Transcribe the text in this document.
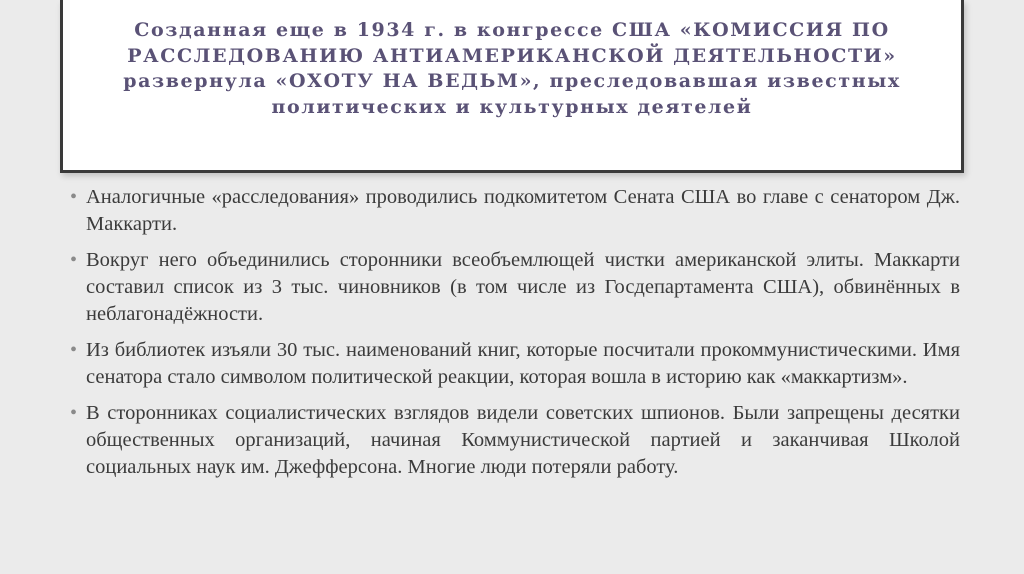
Созданная еще в 1934 г. в конгрессе США «КОМИССИЯ ПО РАССЛЕДОВАНИЮ АНТИАМЕРИКАНСКОЙ ДЕЯТЕЛЬНОСТИ» развернула «ОХОТУ НА ВЕДЬМ», преследовавшая известных политических и культурных деятелей

• Аналогичные «расследования» проводились подкомитетом Сената США во главе с сенатором Дж. Маккарти.
• Вокруг него объединились сторонники всеобъемлющей чистки американской элиты. Маккарти составил список из 3 тыс. чиновников (в том числе из Госдепартамента США), обвинённых в неблагонадёжности.
• Из библиотек изъяли 30 тыс. наименований книг, которые посчитали прокоммунистическими. Имя сенатора стало символом политической реакции, которая вошла в историю как «маккартизм».
• В сторонниках социалистических взглядов видели советских шпионов. Были запрещены десятки общественных организаций, начиная Коммунистической партией и заканчивая Школой социальных наук им. Джефферсона. Многие люди потеряли работу.
